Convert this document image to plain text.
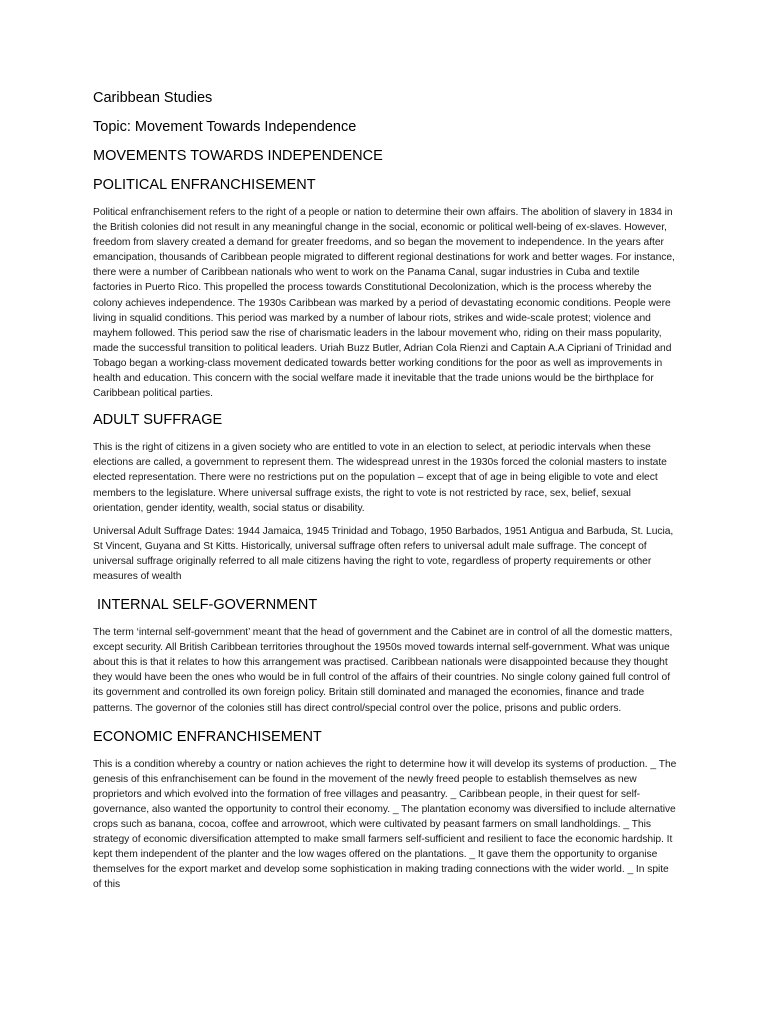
Caribbean Studies
Topic: Movement Towards Independence
MOVEMENTS TOWARDS INDEPENDENCE
POLITICAL ENFRANCHISEMENT

Political enfranchisement refers to the right of a people or nation to determine their own affairs. The abolition of slavery in 1834 in the British colonies did not result in any meaningful change in the social, economic or political well-being of ex-slaves. However, freedom from slavery created a demand for greater freedoms, and so began the movement to independence. In the years after emancipation, thousands of Caribbean people migrated to different regional destinations for work and better wages. For instance, there were a number of Caribbean nationals who went to work on the Panama Canal, sugar industries in Cuba and textile factories in Puerto Rico. This propelled the process towards Constitutional Decolonization, which is the process whereby the colony achieves independence. The 1930s Caribbean was marked by a period of devastating economic conditions. People were living in squalid conditions. This period was marked by a number of labour riots, strikes and wide-scale protest; violence and mayhem followed. This period saw the rise of charismatic leaders in the labour movement who, riding on their mass popularity, made the successful transition to political leaders. Uriah Buzz Butler, Adrian Cola Rienzi and Captain A.A Cipriani of Trinidad and Tobago began a working-class movement dedicated towards better working conditions for the poor as well as improvements in health and education. This concern with the social welfare made it inevitable that the trade unions would be the birthplace for Caribbean political parties.

ADULT SUFFRAGE

This is the right of citizens in a given society who are entitled to vote in an election to select, at periodic intervals when these elections are called, a government to represent them. The widespread unrest in the 1930s forced the colonial masters to instate elected representation. There were no restrictions put on the population – except that of age in being eligible to vote and elect members to the legislature. Where universal suffrage exists, the right to vote is not restricted by race, sex, belief, sexual orientation, gender identity, wealth, social status or disability.

Universal Adult Suffrage Dates: 1944 Jamaica, 1945 Trinidad and Tobago, 1950 Barbados, 1951 Antigua and Barbuda, St. Lucia, St Vincent, Guyana and St Kitts. Historically, universal suffrage often refers to universal adult male suffrage. The concept of universal suffrage originally referred to all male citizens having the right to vote, regardless of property requirements or other measures of wealth

INTERNAL SELF-GOVERNMENT

The term ‘internal self-government’ meant that the head of government and the Cabinet are in control of all the domestic matters, except security. All British Caribbean territories throughout the 1950s moved towards internal self-government. What was unique about this is that it relates to how this arrangement was practised. Caribbean nationals were disappointed because they thought they would have been the ones who would be in full control of the affairs of their countries. No single colony gained full control of its government and controlled its own foreign policy. Britain still dominated and managed the economies, finance and trade patterns. The governor of the colonies still has direct control/special control over the police, prisons and public orders.

ECONOMIC ENFRANCHISEMENT

This is a condition whereby a country or nation achieves the right to determine how it will develop its systems of production. _ The genesis of this enfranchisement can be found in the movement of the newly freed people to establish themselves as new proprietors and which evolved into the formation of free villages and peasantry. _ Caribbean people, in their quest for self-governance, also wanted the opportunity to control their economy. _ The plantation economy was diversified to include alternative crops such as banana, cocoa, coffee and arrowroot, which were cultivated by peasant farmers on small landholdings. _ This strategy of economic diversification attempted to make small farmers self-sufficient and resilient to face the economic hardship. It kept them independent of the planter and the low wages offered on the plantations. _ It gave them the opportunity to organise themselves for the export market and develop some sophistication in making trading connections with the wider world. _ In spite of this
